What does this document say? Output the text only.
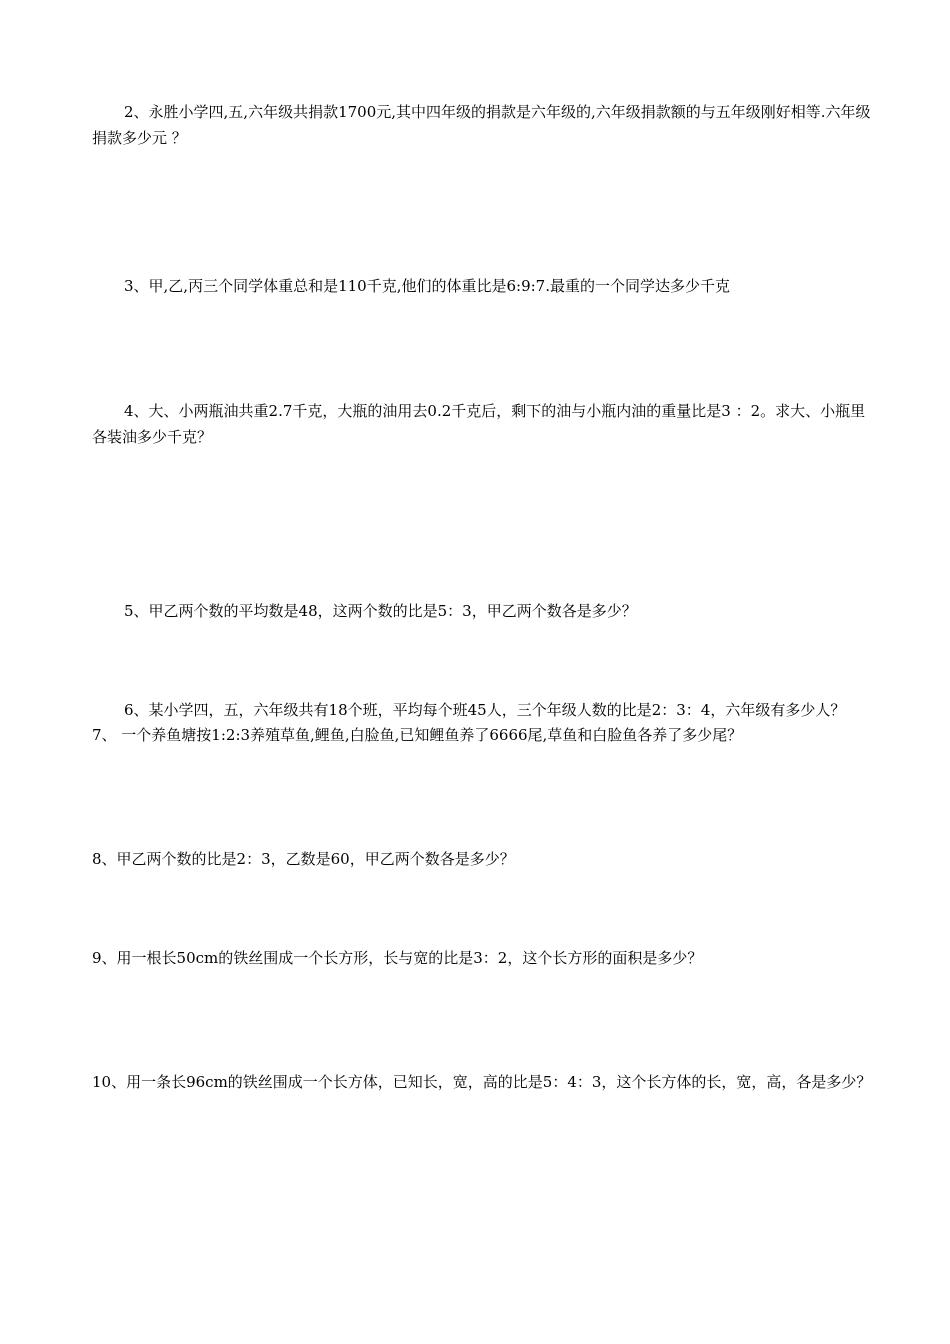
2、永胜小学四,五,六年级共捐款1700元,其中四年级的捐款是六年级的,六年级捐款额的与五年级刚好相等.六年级捐款多少元 ？

3、甲,乙,丙三个同学体重总和是110千克,他们的体重比是6:9:7.最重的一个同学达多少千克

4、大、小两瓶油共重2.7千克，大瓶的油用去0.2千克后，剩下的油与小瓶内油的重量比是3 ：2。求大、小瓶里各装油多少千克？

5、甲乙两个数的平均数是48，这两个数的比是5：3，甲乙两个数各是多少？

6、某小学四，五，六年级共有18个班，平均每个班45人，三个年级人数的比是2：3：4，六年级有多少人？

7、 一个养鱼塘按1:2:3养殖草鱼,鲤鱼,白脸鱼,已知鲤鱼养了6666尾,草鱼和白脸鱼各养了多少尾？

8、甲乙两个数的比是2：3，乙数是60，甲乙两个数各是多少？

9、用一根长50cm的铁丝围成一个长方形，长与宽的比是3：2，这个长方形的面积是多少？

10、用一条长96cm的铁丝围成一个长方体，已知长，宽，高的比是5：4：3，这个长方体的长，宽，高，各是多少？
